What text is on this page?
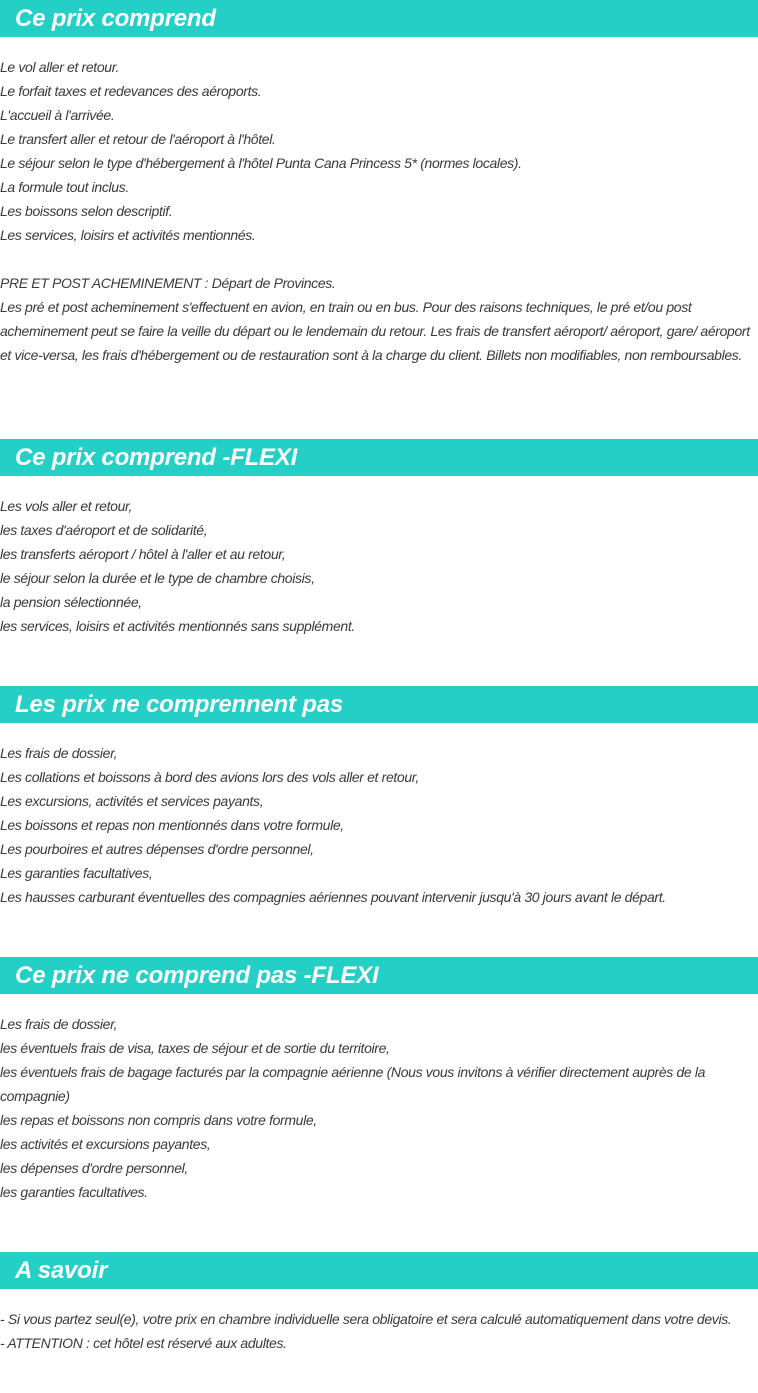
Ce prix comprend
Le vol aller et retour.
Le forfait taxes et redevances des aéroports.
L'accueil à l'arrivée.
Le transfert aller et retour de l'aéroport à l'hôtel.
Le séjour selon le type d'hébergement à l'hôtel Punta Cana Princess 5* (normes locales).
La formule tout inclus.
Les boissons selon descriptif.
Les services, loisirs et activités mentionnés.
PRE ET POST ACHEMINEMENT : Départ de Provinces.
Les pré et post acheminement s'effectuent en avion, en train ou en bus. Pour des raisons techniques, le pré et/ou post acheminement peut se faire la veille du départ ou le lendemain du retour. Les frais de transfert aéroport/ aéroport, gare/ aéroport et vice-versa, les frais d'hébergement ou de restauration sont à la charge du client. Billets non modifiables, non remboursables.
Ce prix comprend -FLEXI
Les vols aller et retour,
les taxes d'aéroport et de solidarité,
les transferts aéroport / hôtel à l'aller et au retour,
le séjour selon la durée et le type de chambre choisis,
la pension sélectionnée,
les services, loisirs et activités mentionnés sans supplément.
Les prix ne comprennent pas
Les frais de dossier,
Les collations et boissons à bord des avions lors des vols aller et retour,
Les excursions, activités et services payants,
Les boissons et repas non mentionnés dans votre formule,
Les pourboires et autres dépenses d'ordre personnel,
Les garanties facultatives,
Les hausses carburant éventuelles des compagnies aériennes pouvant intervenir jusqu'à 30 jours avant le départ.
Ce prix ne comprend pas -FLEXI
Les frais de dossier,
les éventuels frais de visa, taxes de séjour et de sortie du territoire,
les éventuels frais de bagage facturés par la compagnie aérienne (Nous vous invitons à vérifier directement auprès de la compagnie)
les repas et boissons non compris dans votre formule,
les activités et excursions payantes,
les dépenses d'ordre personnel,
les garanties facultatives.
A savoir
- Si vous partez seul(e), votre prix en chambre individuelle sera obligatoire et sera calculé automatiquement dans votre devis.
- ATTENTION : cet hôtel est réservé aux adultes.
